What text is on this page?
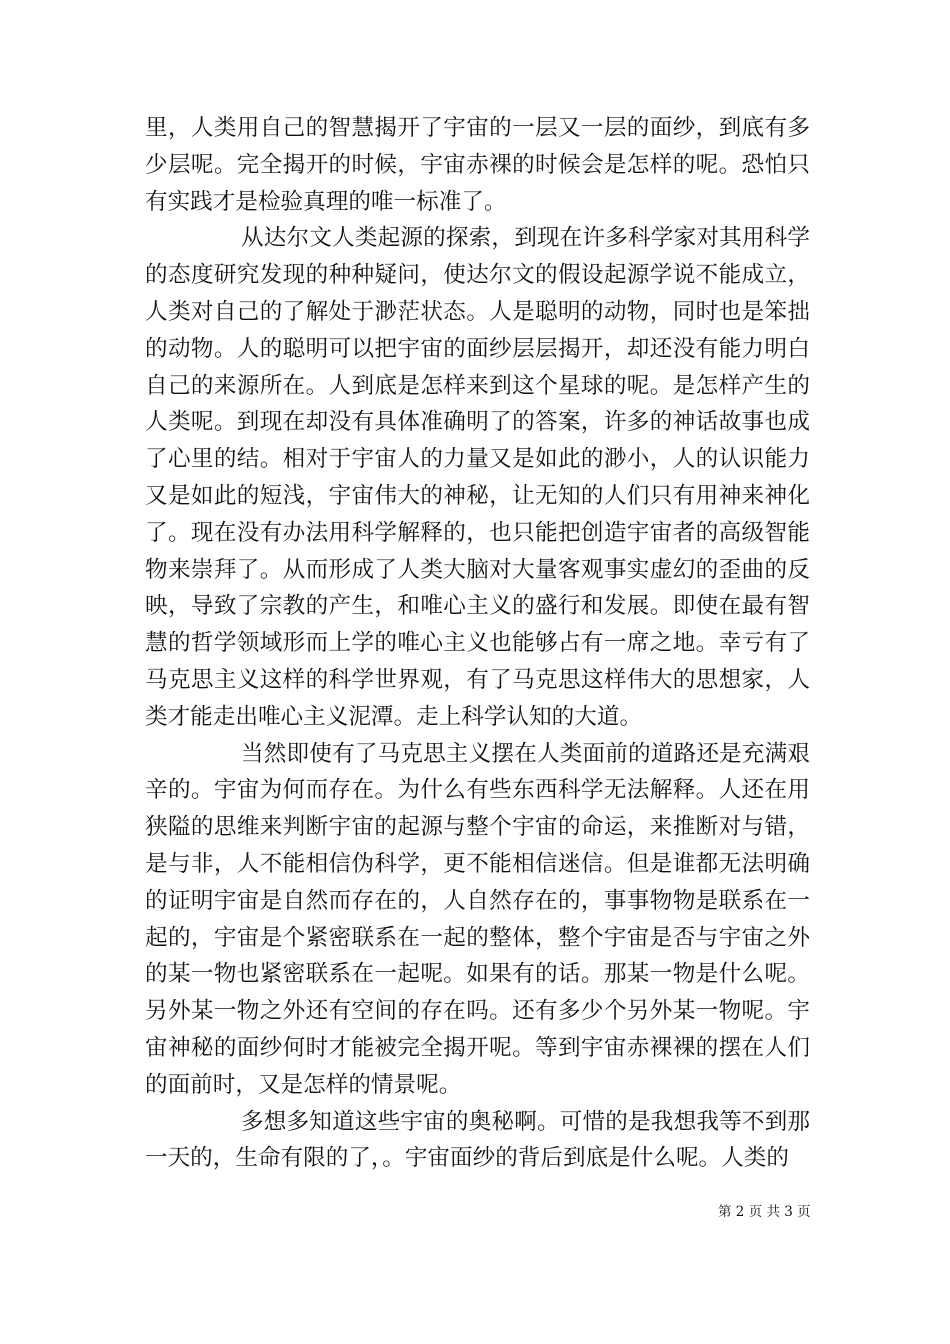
里，人类用自己的智慧揭开了宇宙的一层又一层的面纱，到底有多少层呢。完全揭开的时候，宇宙赤裸的时候会是怎样的呢。恐怕只有实践才是检验真理的唯一标准了。

从达尔文人类起源的探索，到现在许多科学家对其用科学的态度研究发现的种种疑问，使达尔文的假设起源学说不能成立，人类对自己的了解处于渺茫状态。人是聪明的动物，同时也是笨拙的动物。人的聪明可以把宇宙的面纱层层揭开，却还没有能力明白自己的来源所在。人到底是怎样来到这个星球的呢。是怎样产生的人类呢。到现在却没有具体准确明了的答案，许多的神话故事也成了心里的结。相对于宇宙人的力量又是如此的渺小，人的认识能力又是如此的短浅，宇宙伟大的神秘，让无知的人们只有用神来神化了。现在没有办法用科学解释的，也只能把创造宇宙者的高级智能物来崇拜了。从而形成了人类大脑对大量客观事实虚幻的歪曲的反映，导致了宗教的产生，和唯心主义的盛行和发展。即使在最有智慧的哲学领域形而上学的唯心主义也能够占有一席之地。幸亏有了马克思主义这样的科学世界观，有了马克思这样伟大的思想家，人类才能走出唯心主义泥潭。走上科学认知的大道。

当然即使有了马克思主义摆在人类面前的道路还是充满艰辛的。宇宙为何而存在。为什么有些东西科学无法解释。人还在用狭隘的思维来判断宇宙的起源与整个宇宙的命运，来推断对与错，是与非，人不能相信伪科学，更不能相信迷信。但是谁都无法明确的证明宇宙是自然而存在的，人自然存在的，事事物物是联系在一起的，宇宙是个紧密联系在一起的整体，整个宇宙是否与宇宙之外的某一物也紧密联系在一起呢。如果有的话。那某一物是什么呢。另外某一物之外还有空间的存在吗。还有多少个另外某一物呢。宇宙神秘的面纱何时才能被完全揭开呢。等到宇宙赤裸裸的摆在人们的面前时，又是怎样的情景呢。

多想多知道这些宇宙的奥秘啊。可惜的是我想我等不到那一天的，生命有限的了，。宇宙面纱的背后到底是什么呢。人类的

第 2 页 共 3 页
